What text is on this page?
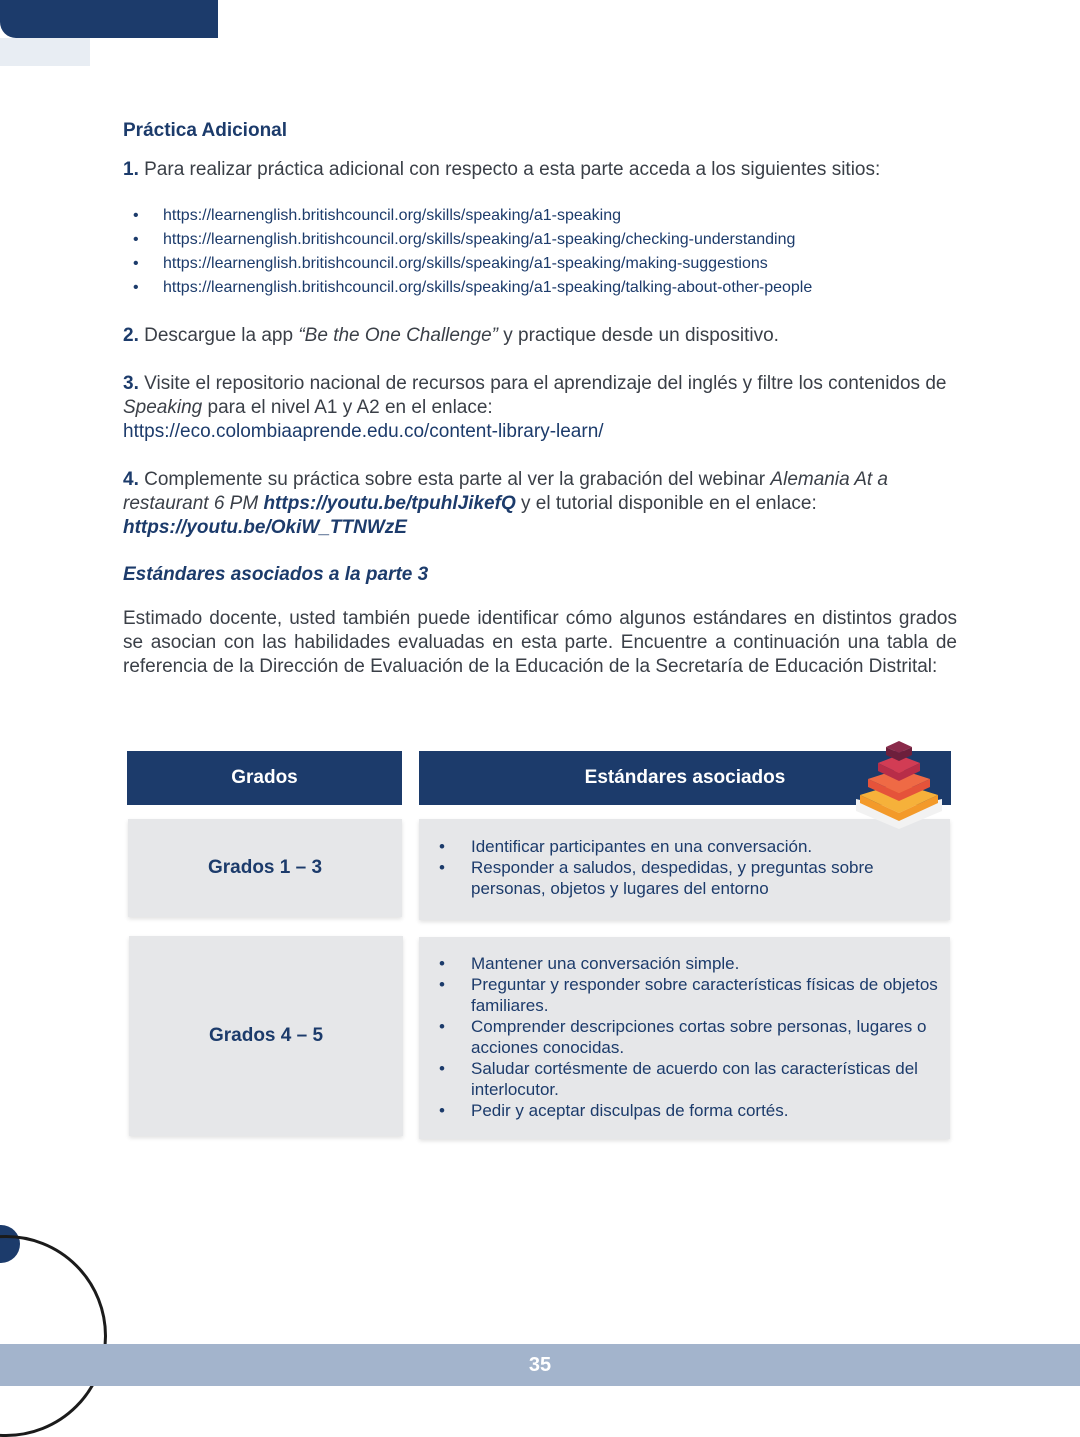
Práctica Adicional

1. Para realizar práctica adicional con respecto a esta parte acceda a los siguientes sitios:

• https://learnenglish.britishcouncil.org/skills/speaking/a1-speaking
• https://learnenglish.britishcouncil.org/skills/speaking/a1-speaking/checking-understanding
• https://learnenglish.britishcouncil.org/skills/speaking/a1-speaking/making-suggestions
• https://learnenglish.britishcouncil.org/skills/speaking/a1-speaking/talking-about-other-people

2. Descargue la app “Be the One Challenge” y practique desde un dispositivo.

3. Visite el repositorio nacional de recursos para el aprendizaje del inglés y filtre los contenidos de Speaking para el nivel A1 y A2 en el enlace:
https://eco.colombiaaprende.edu.co/content-library-learn/

4. Complemente su práctica sobre esta parte al ver la grabación del webinar Alemania At a restaurant 6 PM https://youtu.be/tpuhlJikefQ y el tutorial disponible en el enlace:
https://youtu.be/OkiW_TTNWzE

Estándares asociados a la parte 3

Estimado docente, usted también puede identificar cómo algunos estándares en distintos grados se asocian con las habilidades evaluadas en esta parte. Encuentre a continuación una tabla de referencia de la Dirección de Evaluación de la Educación de la Secretaría de Educación Distrital:

Grados	Estándares asociados
Grados 1 – 3
• Identificar participantes en una conversación.
• Responder a saludos, despedidas, y preguntas sobre personas, objetos y lugares del entorno
Grados 4 – 5
• Mantener una conversación simple.
• Preguntar y responder sobre características físicas de objetos familiares.
• Comprender descripciones cortas sobre personas, lugares o acciones conocidas.
• Saludar cortésmente de acuerdo con las características del interlocutor.
• Pedir y aceptar disculpas de forma cortés.
35
